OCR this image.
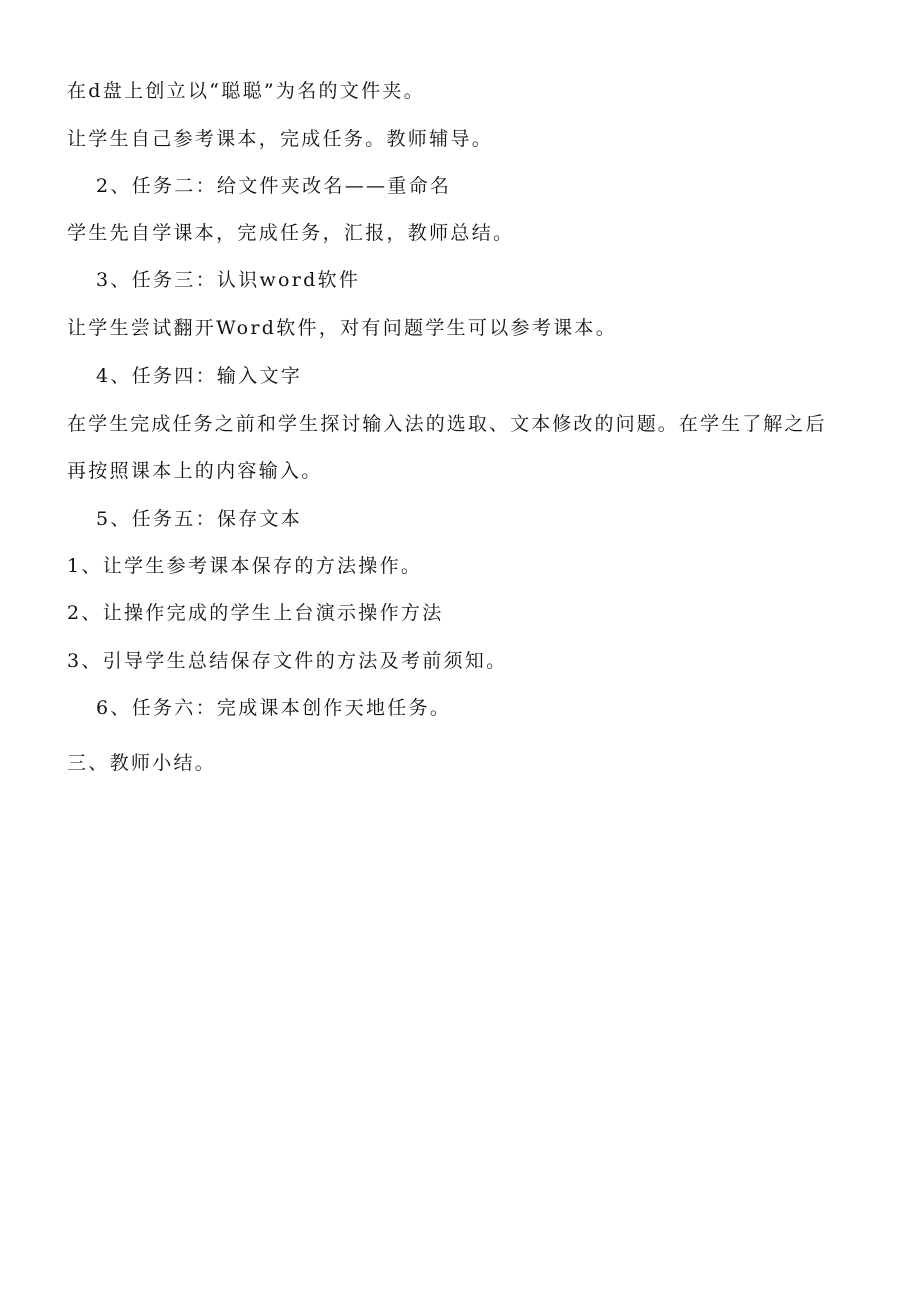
在d盘上创立以“聪聪”为名的文件夹。
让学生自己参考课本，完成任务。教师辅导。
2、任务二：给文件夹改名——重命名
学生先自学课本，完成任务，汇报，教师总结。
3、任务三：认识word软件
让学生尝试翻开Word软件，对有问题学生可以参考课本。
4、任务四：输入文字
在学生完成任务之前和学生探讨输入法的选取、文本修改的问题。在学生了解之后
再按照课本上的内容输入。
5、任务五：保存文本
1、让学生参考课本保存的方法操作。
2、让操作完成的学生上台演示操作方法
3、引导学生总结保存文件的方法及考前须知。
6、任务六：完成课本创作天地任务。
三、教师小结。
